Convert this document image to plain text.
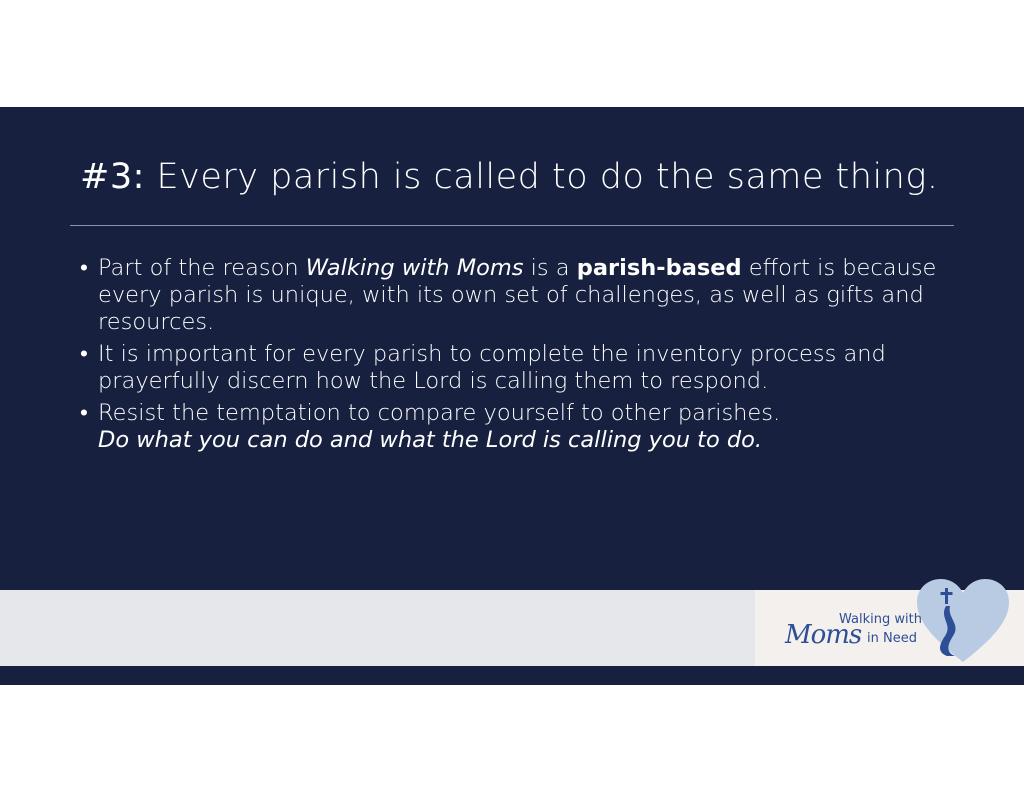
#3: Every parish is called to do the same thing.
• Part of the reason Walking with Moms is a parish-based effort is because every parish is unique, with its own set of challenges, as well as gifts and resources.
• It is important for every parish to complete the inventory process and prayerfully discern how the Lord is calling them to respond.
• Resist the temptation to compare yourself to other parishes.
Do what you can do and what the Lord is calling you to do.
Moms
Walking with
in Need
